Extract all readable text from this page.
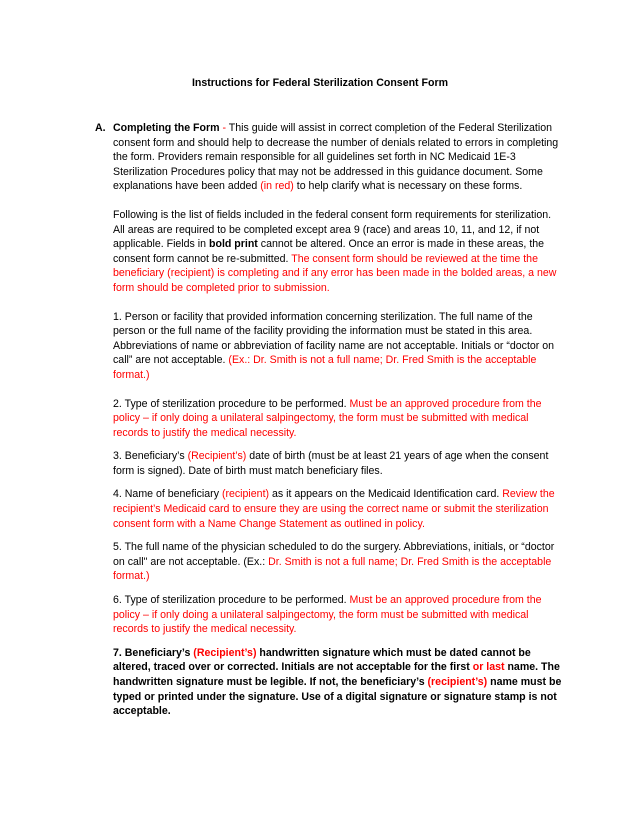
Instructions for Federal Sterilization Consent Form
A. Completing the Form - This guide will assist in correct completion of the Federal Sterilization consent form and should help to decrease the number of denials related to errors in completing the form. Providers remain responsible for all guidelines set forth in NC Medicaid 1E-3 Sterilization Procedures policy that may not be addressed in this guidance document. Some explanations have been added (in red) to help clarify what is necessary on these forms.

Following is the list of fields included in the federal consent form requirements for sterilization. All areas are required to be completed except area 9 (race) and areas 10, 11, and 12, if not applicable. Fields in bold print cannot be altered. Once an error is made in these areas, the consent form cannot be re-submitted. The consent form should be reviewed at the time the beneficiary (recipient) is completing and if any error has been made in the bolded areas, a new form should be completed prior to submission.

1. Person or facility that provided information concerning sterilization. The full name of the person or the full name of the facility providing the information must be stated in this area. Abbreviations of name or abbreviation of facility name are not acceptable. Initials or “doctor on call” are not acceptable. (Ex.: Dr. Smith is not a full name; Dr. Fred Smith is the acceptable format.)

2. Type of sterilization procedure to be performed. Must be an approved procedure from the policy – if only doing a unilateral salpingectomy, the form must be submitted with medical records to justify the medical necessity.

3. Beneficiary’s (Recipient’s) date of birth (must be at least 21 years of age when the consent form is signed). Date of birth must match beneficiary files.

4. Name of beneficiary (recipient) as it appears on the Medicaid Identification card. Review the recipient’s Medicaid card to ensure they are using the correct name or submit the sterilization consent form with a Name Change Statement as outlined in policy.

5. The full name of the physician scheduled to do the surgery. Abbreviations, initials, or “doctor on call" are not acceptable. (Ex.: Dr. Smith is not a full name; Dr. Fred Smith is the acceptable format.)

6. Type of sterilization procedure to be performed. Must be an approved procedure from the policy – if only doing a unilateral salpingectomy, the form must be submitted with medical records to justify the medical necessity.

7. Beneficiary’s (Recipient’s) handwritten signature which must be dated cannot be altered, traced over or corrected. Initials are not acceptable for the first or last name. The handwritten signature must be legible. If not, the beneficiary’s (recipient’s) name must be typed or printed under the signature. Use of a digital signature or signature stamp is not acceptable.
